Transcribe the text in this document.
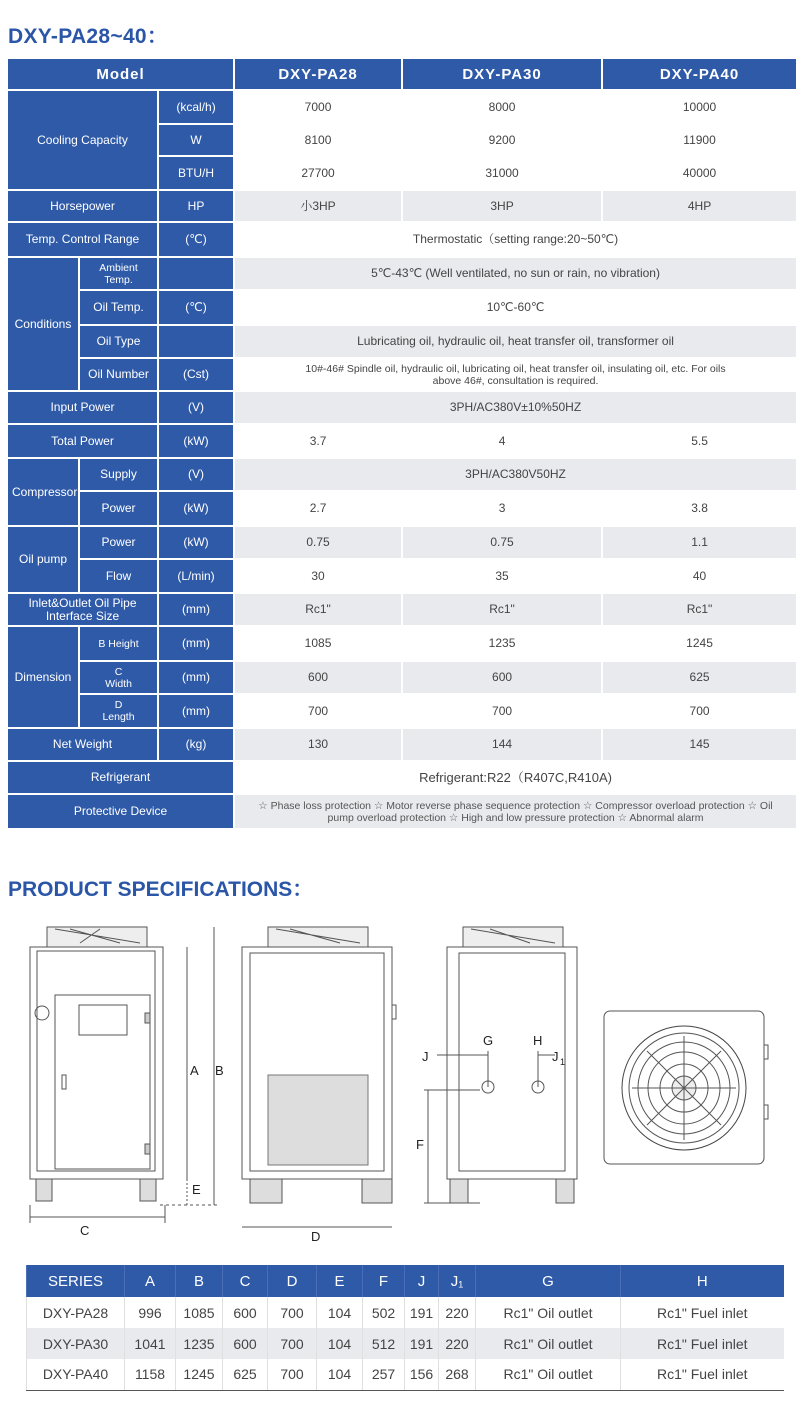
DXY-PA28~40：
Model			DXY-PA28	DXY-PA30	DXY-PA40
Cooling Capacity		(kcal/h)	7000	8000	10000
		W	8100	9200	11900
		BTU/H	27700	31000	40000
Horsepower		HP	小3HP	3HP	4HP
Temp. Control Range		(℃)	Thermostatic（setting range:20~50℃)		
Conditions	Ambient Temp.		5℃-43℃ (Well ventilated, no sun or rain, no vibration)		
	Oil Temp.	(℃)	10℃-60℃		
	Oil Type		Lubricating oil, hydraulic oil, heat transfer oil, transformer oil		
	Oil Number	(Cst)	10#-46# Spindle oil, hydraulic oil, lubricating oil, heat transfer oil, insulating oil, etc. For oils above 46#, consultation is required.		
Input Power		(V)	3PH/AC380V±10%50HZ		
Total Power		(kW)	3.7	4	5.5
Compressor	Supply	(V)	3PH/AC380V50HZ		
	Power	(kW)	2.7	3	3.8
Oil pump	Power	(kW)	0.75	0.75	1.1
	Flow	(L/min)	30	35	40
Inlet&Outlet Oil Pipe Interface Size		(mm)	Rc1"	Rc1"	Rc1"
Dimension	B Height	(mm)	1085	1235	1245
	C Width	(mm)	600	600	625
	D Length	(mm)	700	700	700
Net Weight		(kg)	130	144	145
Refrigerant			Refrigerant:R22（R407C,R410A)		
Protective Device			☆ Phase loss protection ☆ Motor reverse phase sequence protection ☆ Compressor overload protection ☆ Oil pump overload protection ☆ High and low pressure protection ☆ Abnormal alarm		
PRODUCT SPECIFICATIONS：
A B
C	D
E
F
G	H
J	J 1
SERIES	A	B	C	D	E	F	J	J₁	G	H
DXY-PA28	996	1085	600	700	104	502	191	220	Rc1" Oil outlet	Rc1" Fuel inlet
DXY-PA30	1041	1235	600	700	104	512	191	220	Rc1" Oil outlet	Rc1" Fuel inlet
DXY-PA40	1158	1245	625	700	104	257	156	268	Rc1" Oil outlet	Rc1" Fuel inlet
